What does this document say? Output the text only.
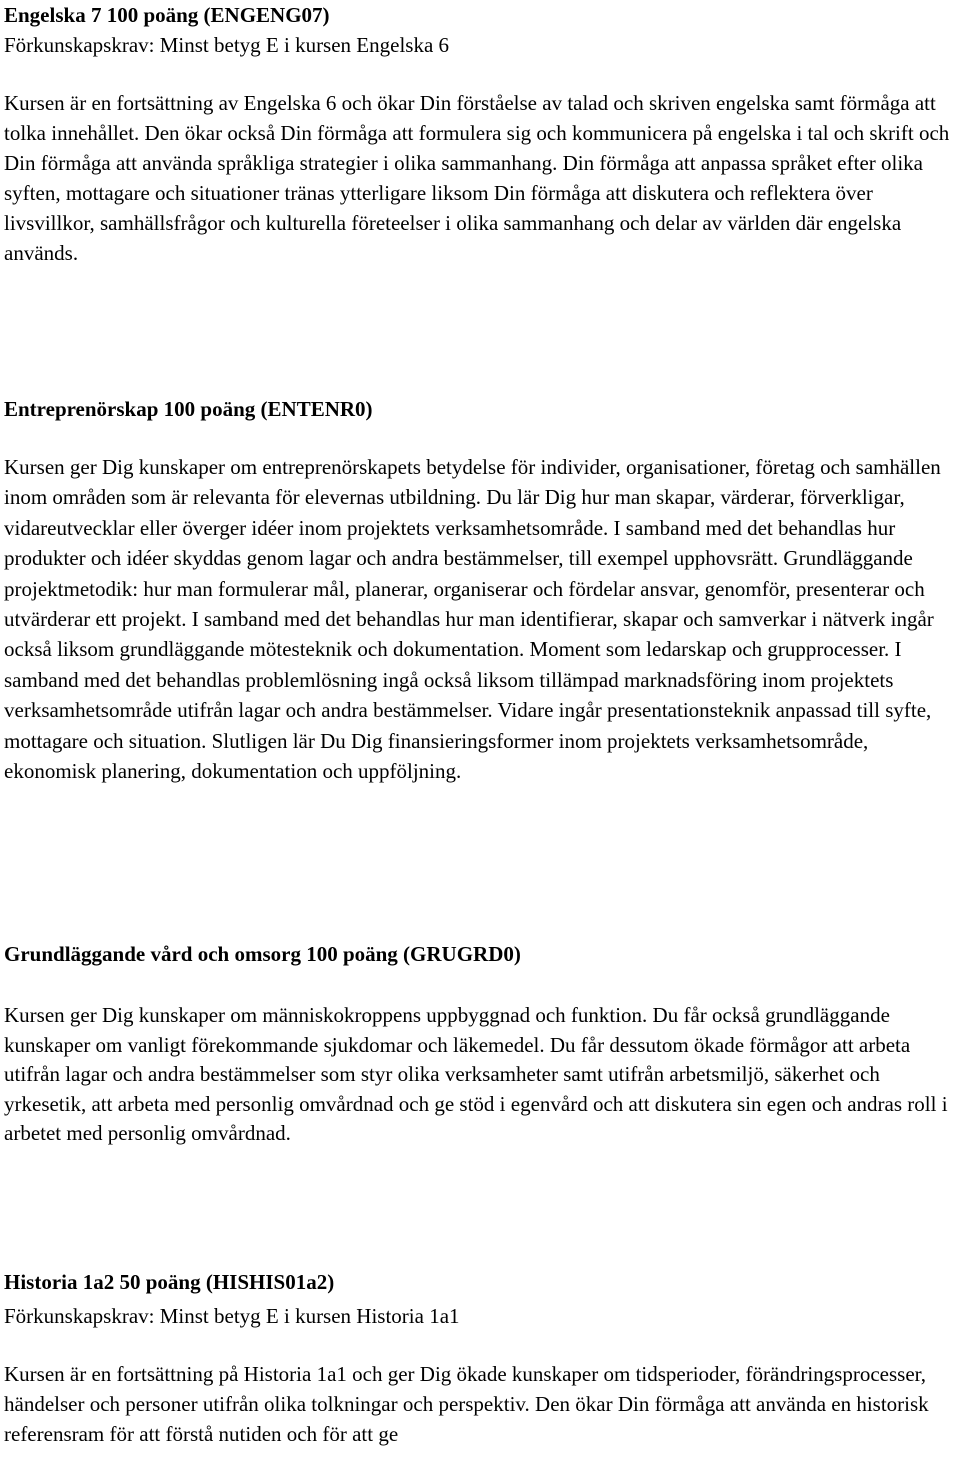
Engelska 7 100 poäng (ENGENG07)

Förkunskapskrav: Minst betyg E i kursen Engelska 6

Kursen är en fortsättning av Engelska 6 och ökar Din förståelse av talad och skriven engelska samt förmåga att tolka innehållet. Den ökar också Din förmåga att formulera sig och kommunicera på engelska i tal och skrift och Din förmåga att använda språkliga strategier i olika sammanhang. Din förmåga att anpassa språket efter olika syften, mottagare och situationer tränas ytterligare liksom Din förmåga att diskutera och reflektera över livsvillkor, samhällsfrågor och kulturella företeelser i olika sammanhang och delar av världen där engelska används.

Entreprenörskap 100 poäng (ENTENR0)

Kursen ger Dig kunskaper om entreprenörskapets betydelse för individer, organisationer, företag och samhällen inom områden som är relevanta för elevernas utbildning. Du lär Dig hur man skapar, värderar, förverkligar, vidareutvecklar eller överger idéer inom projektets verksamhetsområde. I samband med det behandlas hur produkter och idéer skyddas genom lagar och andra bestämmelser, till exempel upphovsrätt. Grundläggande projektmetodik: hur man formulerar mål, planerar, organiserar och fördelar ansvar, genomför, presenterar och utvärderar ett projekt. I samband med det behandlas hur man identifierar, skapar och samverkar i nätverk ingår också liksom grundläggande mötesteknik och dokumentation. Moment som ledarskap och grupprocesser. I samband med det behandlas problemlösning ingå också liksom tillämpad marknadsföring inom projektets verksamhetsområde utifrån lagar och andra bestämmelser. Vidare ingår presentationsteknik anpassad till syfte, mottagare och situation. Slutligen lär Du Dig finansieringsformer inom projektets verksamhetsområde, ekonomisk planering, dokumentation och uppföljning.

Grundläggande vård och omsorg 100 poäng (GRUGRD0)

Kursen ger Dig kunskaper om människokroppens uppbyggnad och funktion. Du får också grundläggande kunskaper om vanligt förekommande sjukdomar och läkemedel. Du får dessutom ökade förmågor att arbeta utifrån lagar och andra bestämmelser som styr olika verksamheter samt utifrån arbetsmiljö, säkerhet och yrkesetik, att arbeta med personlig omvårdnad och ge stöd i egenvård och att diskutera sin egen och andras roll i arbetet med personlig omvårdnad.

Historia 1a2 50 poäng (HISHIS01a2)

Förkunskapskrav: Minst betyg E i kursen Historia 1a1

Kursen är en fortsättning på Historia 1a1 och ger Dig ökade kunskaper om tidsperioder, förändringsprocesser, händelser och personer utifrån olika tolkningar och perspektiv. Den ökar Din förmåga att använda en historisk referensram för att förstå nutiden och för att ge
